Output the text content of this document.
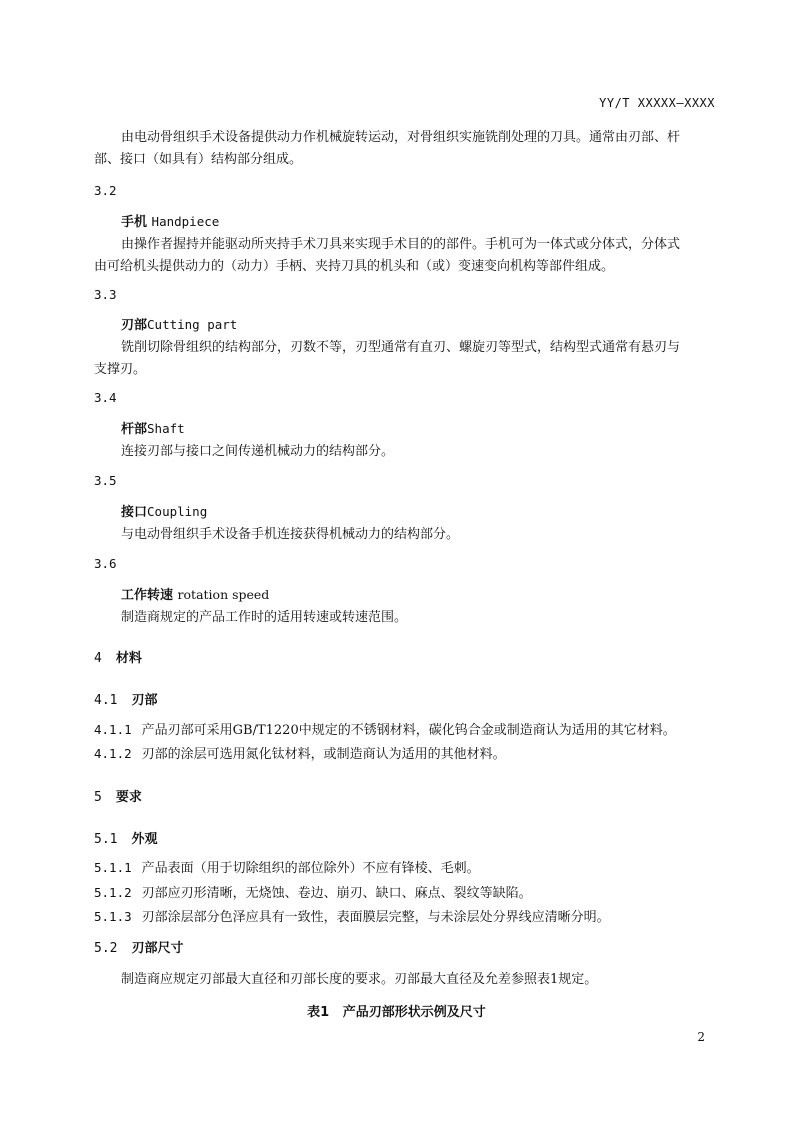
YY/T XXXXX—XXXX
由电动骨组织手术设备提供动力作机械旋转运动，对骨组织实施铣削处理的刀具。通常由刃部、杆
部、接口（如具有）结构部分组成。
3.2
手机 Handpiece
由操作者握持并能驱动所夹持手术刀具来实现手术目的的部件。手机可为一体式或分体式，分体式
由可给机头提供动力的（动力）手柄、夹持刀具的机头和（或）变速变向机构等部件组成。
3.3
刃部Cutting part
铣削切除骨组织的结构部分，刃数不等，刃型通常有直刃、螺旋刃等型式，结构型式通常有悬刃与
支撑刃。
3.4
杆部Shaft
连接刃部与接口之间传递机械动力的结构部分。
3.5
接口Coupling
与电动骨组织手术设备手机连接获得机械动力的结构部分。
3.6
工作转速 rotation speed
制造商规定的产品工作时的适用转速或转速范围。
4 材料
4.1 刃部
4.1.1 产品刃部可采用GB/T1220中规定的不锈钢材料，碳化钨合金或制造商认为适用的其它材料。
4.1.2 刃部的涂层可选用氮化钛材料，或制造商认为适用的其他材料。
5 要求
5.1 外观
5.1.1 产品表面（用于切除组织的部位除外）不应有锋棱、毛刺。
5.1.2 刃部应刃形清晰，无烧蚀、卷边、崩刃、缺口、麻点、裂纹等缺陷。
5.1.3 刃部涂层部分色泽应具有一致性，表面膜层完整，与未涂层处分界线应清晰分明。
5.2 刃部尺寸
制造商应规定刃部最大直径和刃部长度的要求。刃部最大直径及允差参照表1规定。
表1 产品刃部形状示例及尺寸
2
